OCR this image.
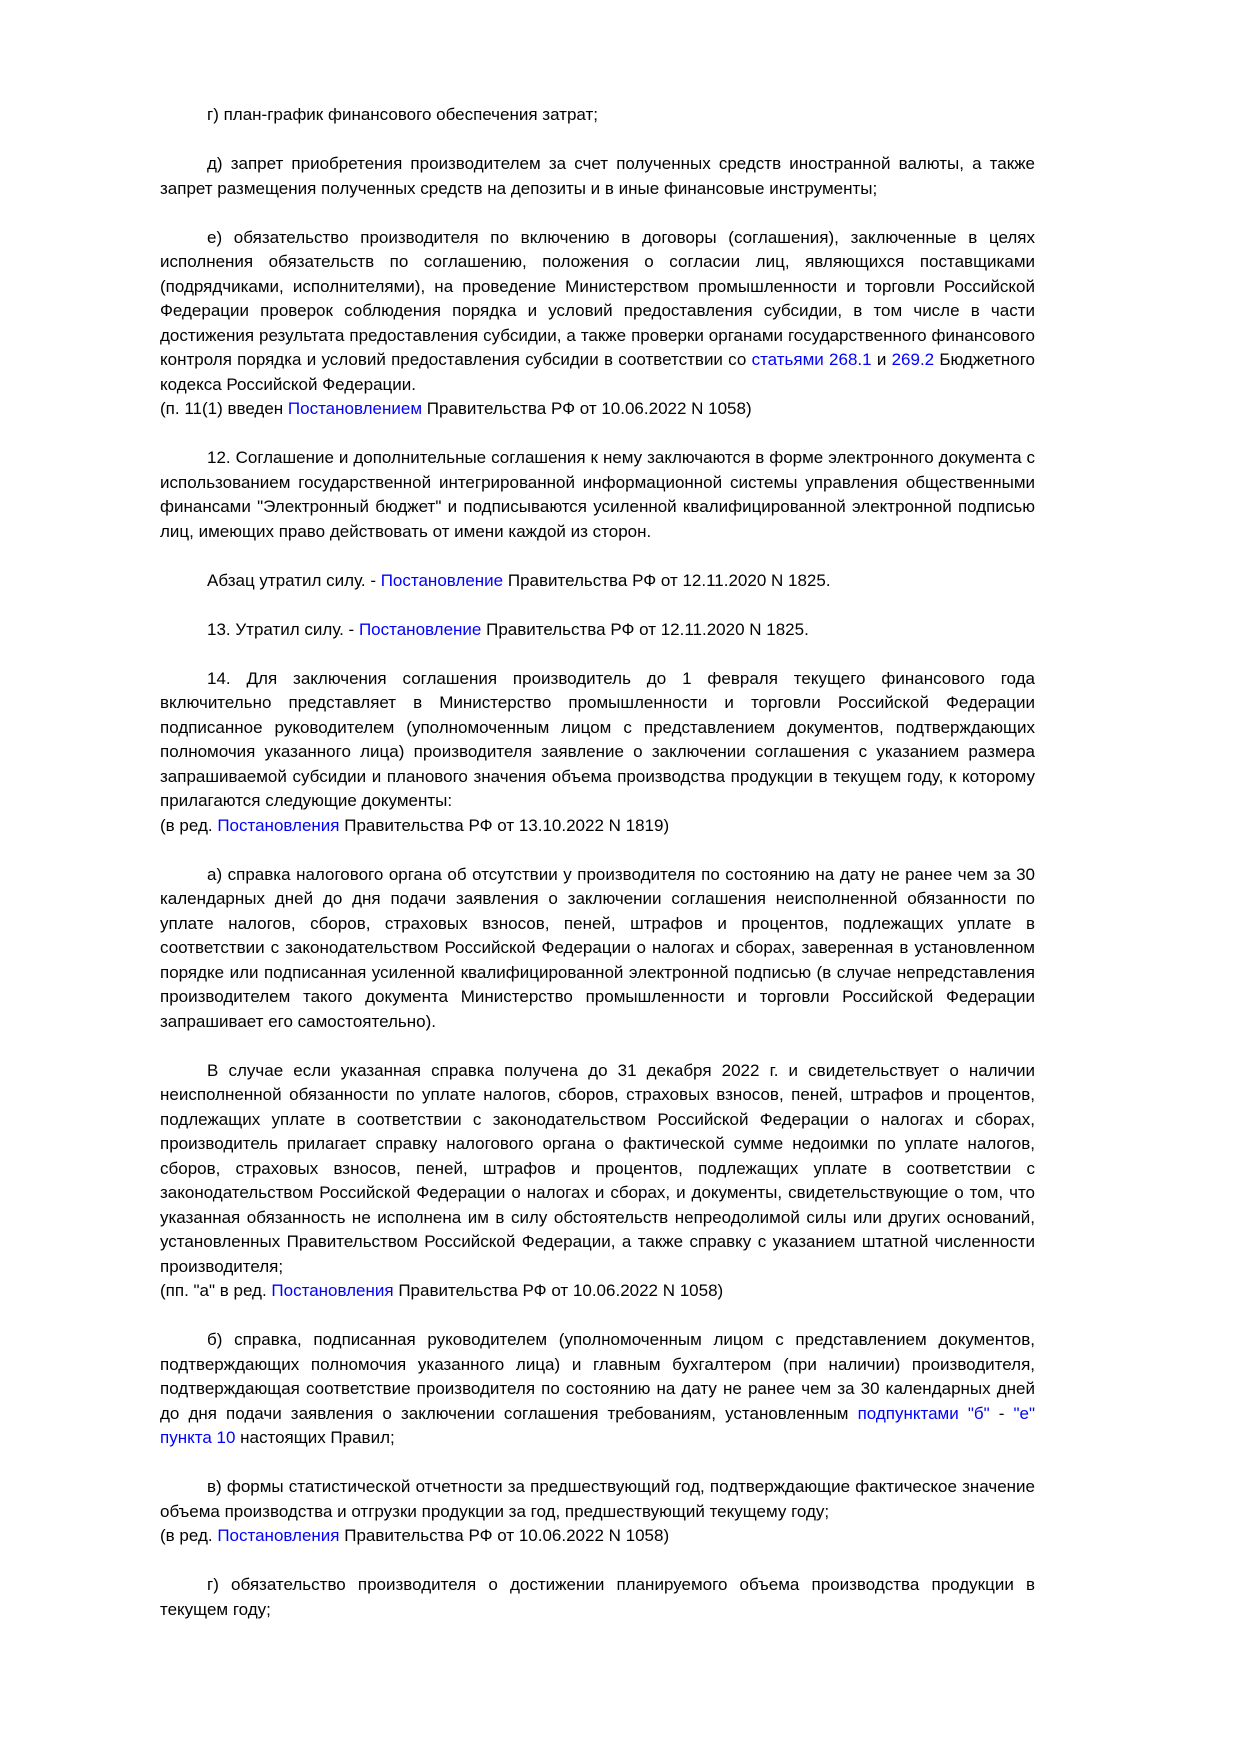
г) план-график финансового обеспечения затрат;

д) запрет приобретения производителем за счет полученных средств иностранной валюты, а также запрет размещения полученных средств на депозиты и в иные финансовые инструменты;

е) обязательство производителя по включению в договоры (соглашения), заключенные в целях исполнения обязательств по соглашению, положения о согласии лиц, являющихся поставщиками (подрядчиками, исполнителями), на проведение Министерством промышленности и торговли Российской Федерации проверок соблюдения порядка и условий предоставления субсидии, в том числе в части достижения результата предоставления субсидии, а также проверки органами государственного финансового контроля порядка и условий предоставления субсидии в соответствии со статьями 268.1 и 269.2 Бюджетного кодекса Российской Федерации.

(п. 11(1) введен Постановлением Правительства РФ от 10.06.2022 N 1058)

12. Соглашение и дополнительные соглашения к нему заключаются в форме электронного документа с использованием государственной интегрированной информационной системы управления общественными финансами "Электронный бюджет" и подписываются усиленной квалифицированной электронной подписью лиц, имеющих право действовать от имени каждой из сторон.

Абзац утратил силу. - Постановление Правительства РФ от 12.11.2020 N 1825.

13. Утратил силу. - Постановление Правительства РФ от 12.11.2020 N 1825.

14. Для заключения соглашения производитель до 1 февраля текущего финансового года включительно представляет в Министерство промышленности и торговли Российской Федерации подписанное руководителем (уполномоченным лицом с представлением документов, подтверждающих полномочия указанного лица) производителя заявление о заключении соглашения с указанием размера запрашиваемой субсидии и планового значения объема производства продукции в текущем году, к которому прилагаются следующие документы:

(в ред. Постановления Правительства РФ от 13.10.2022 N 1819)

а) справка налогового органа об отсутствии у производителя по состоянию на дату не ранее чем за 30 календарных дней до дня подачи заявления о заключении соглашения неисполненной обязанности по уплате налогов, сборов, страховых взносов, пеней, штрафов и процентов, подлежащих уплате в соответствии с законодательством Российской Федерации о налогах и сборах, заверенная в установленном порядке или подписанная усиленной квалифицированной электронной подписью (в случае непредставления производителем такого документа Министерство промышленности и торговли Российской Федерации запрашивает его самостоятельно).

В случае если указанная справка получена до 31 декабря 2022 г. и свидетельствует о наличии неисполненной обязанности по уплате налогов, сборов, страховых взносов, пеней, штрафов и процентов, подлежащих уплате в соответствии с законодательством Российской Федерации о налогах и сборах, производитель прилагает справку налогового органа о фактической сумме недоимки по уплате налогов, сборов, страховых взносов, пеней, штрафов и процентов, подлежащих уплате в соответствии с законодательством Российской Федерации о налогах и сборах, и документы, свидетельствующие о том, что указанная обязанность не исполнена им в силу обстоятельств непреодолимой силы или других оснований, установленных Правительством Российской Федерации, а также справку с указанием штатной численности производителя;

(пп. "а" в ред. Постановления Правительства РФ от 10.06.2022 N 1058)

б) справка, подписанная руководителем (уполномоченным лицом с представлением документов, подтверждающих полномочия указанного лица) и главным бухгалтером (при наличии) производителя, подтверждающая соответствие производителя по состоянию на дату не ранее чем за 30 календарных дней до дня подачи заявления о заключении соглашения требованиям, установленным подпунктами "б" - "е" пункта 10 настоящих Правил;

в) формы статистической отчетности за предшествующий год, подтверждающие фактическое значение объема производства и отгрузки продукции за год, предшествующий текущему году;

(в ред. Постановления Правительства РФ от 10.06.2022 N 1058)

г) обязательство производителя о достижении планируемого объема производства продукции в текущем году;
